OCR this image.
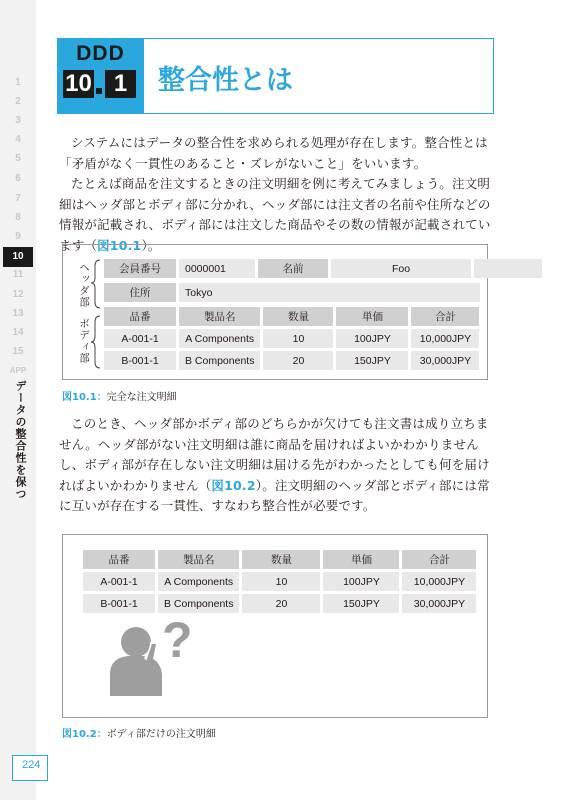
1
2
3
4
5
6
7
8
9
10
11
12
13
14
15
APP
データの整合性を保つ
224
DDD
10 1	整合性とは

システムにはデータの整合性を求められる処理が存在します。整合性とは「矛盾がなく一貫性のあること・ズレがないこと」をいいます。

たとえば商品を注文するときの注文明細を例に考えてみましょう。注文明細はヘッダ部とボディ部に分かれ、ヘッダ部には注文者の名前や住所などの情報が記載され、ボディ部には注文した商品やその数の情報が記載されています（図10.1）。

ヘッダ部
ボディ部
会員番号	0000001	名前	Foo	
住所	Tokyo
品番	製品名	数量	単価	合計
A-001-1	A Components	10	100JPY	10,000JPY
B-001-1	B Components	20	150JPY	30,000JPY
図10.1：完全な注文明細

このとき、ヘッダ部かボディ部のどちらかが欠けても注文書は成り立ちません。ヘッダ部がない注文明細は誰に商品を届ければよいかわかりませんし、ボディ部が存在しない注文明細は届ける先がわかったとしても何を届ければよいかわかりません（図10.2）。注文明細のヘッダ部とボディ部には常に互いが存在する一貫性、すなわち整合性が必要です。

品番	製品名	数量	単価	合計
A-001-1	A Components	10	100JPY	10,000JPY
B-001-1	B Components	20	150JPY	30,000JPY
?
図10.2：ボディ部だけの注文明細
